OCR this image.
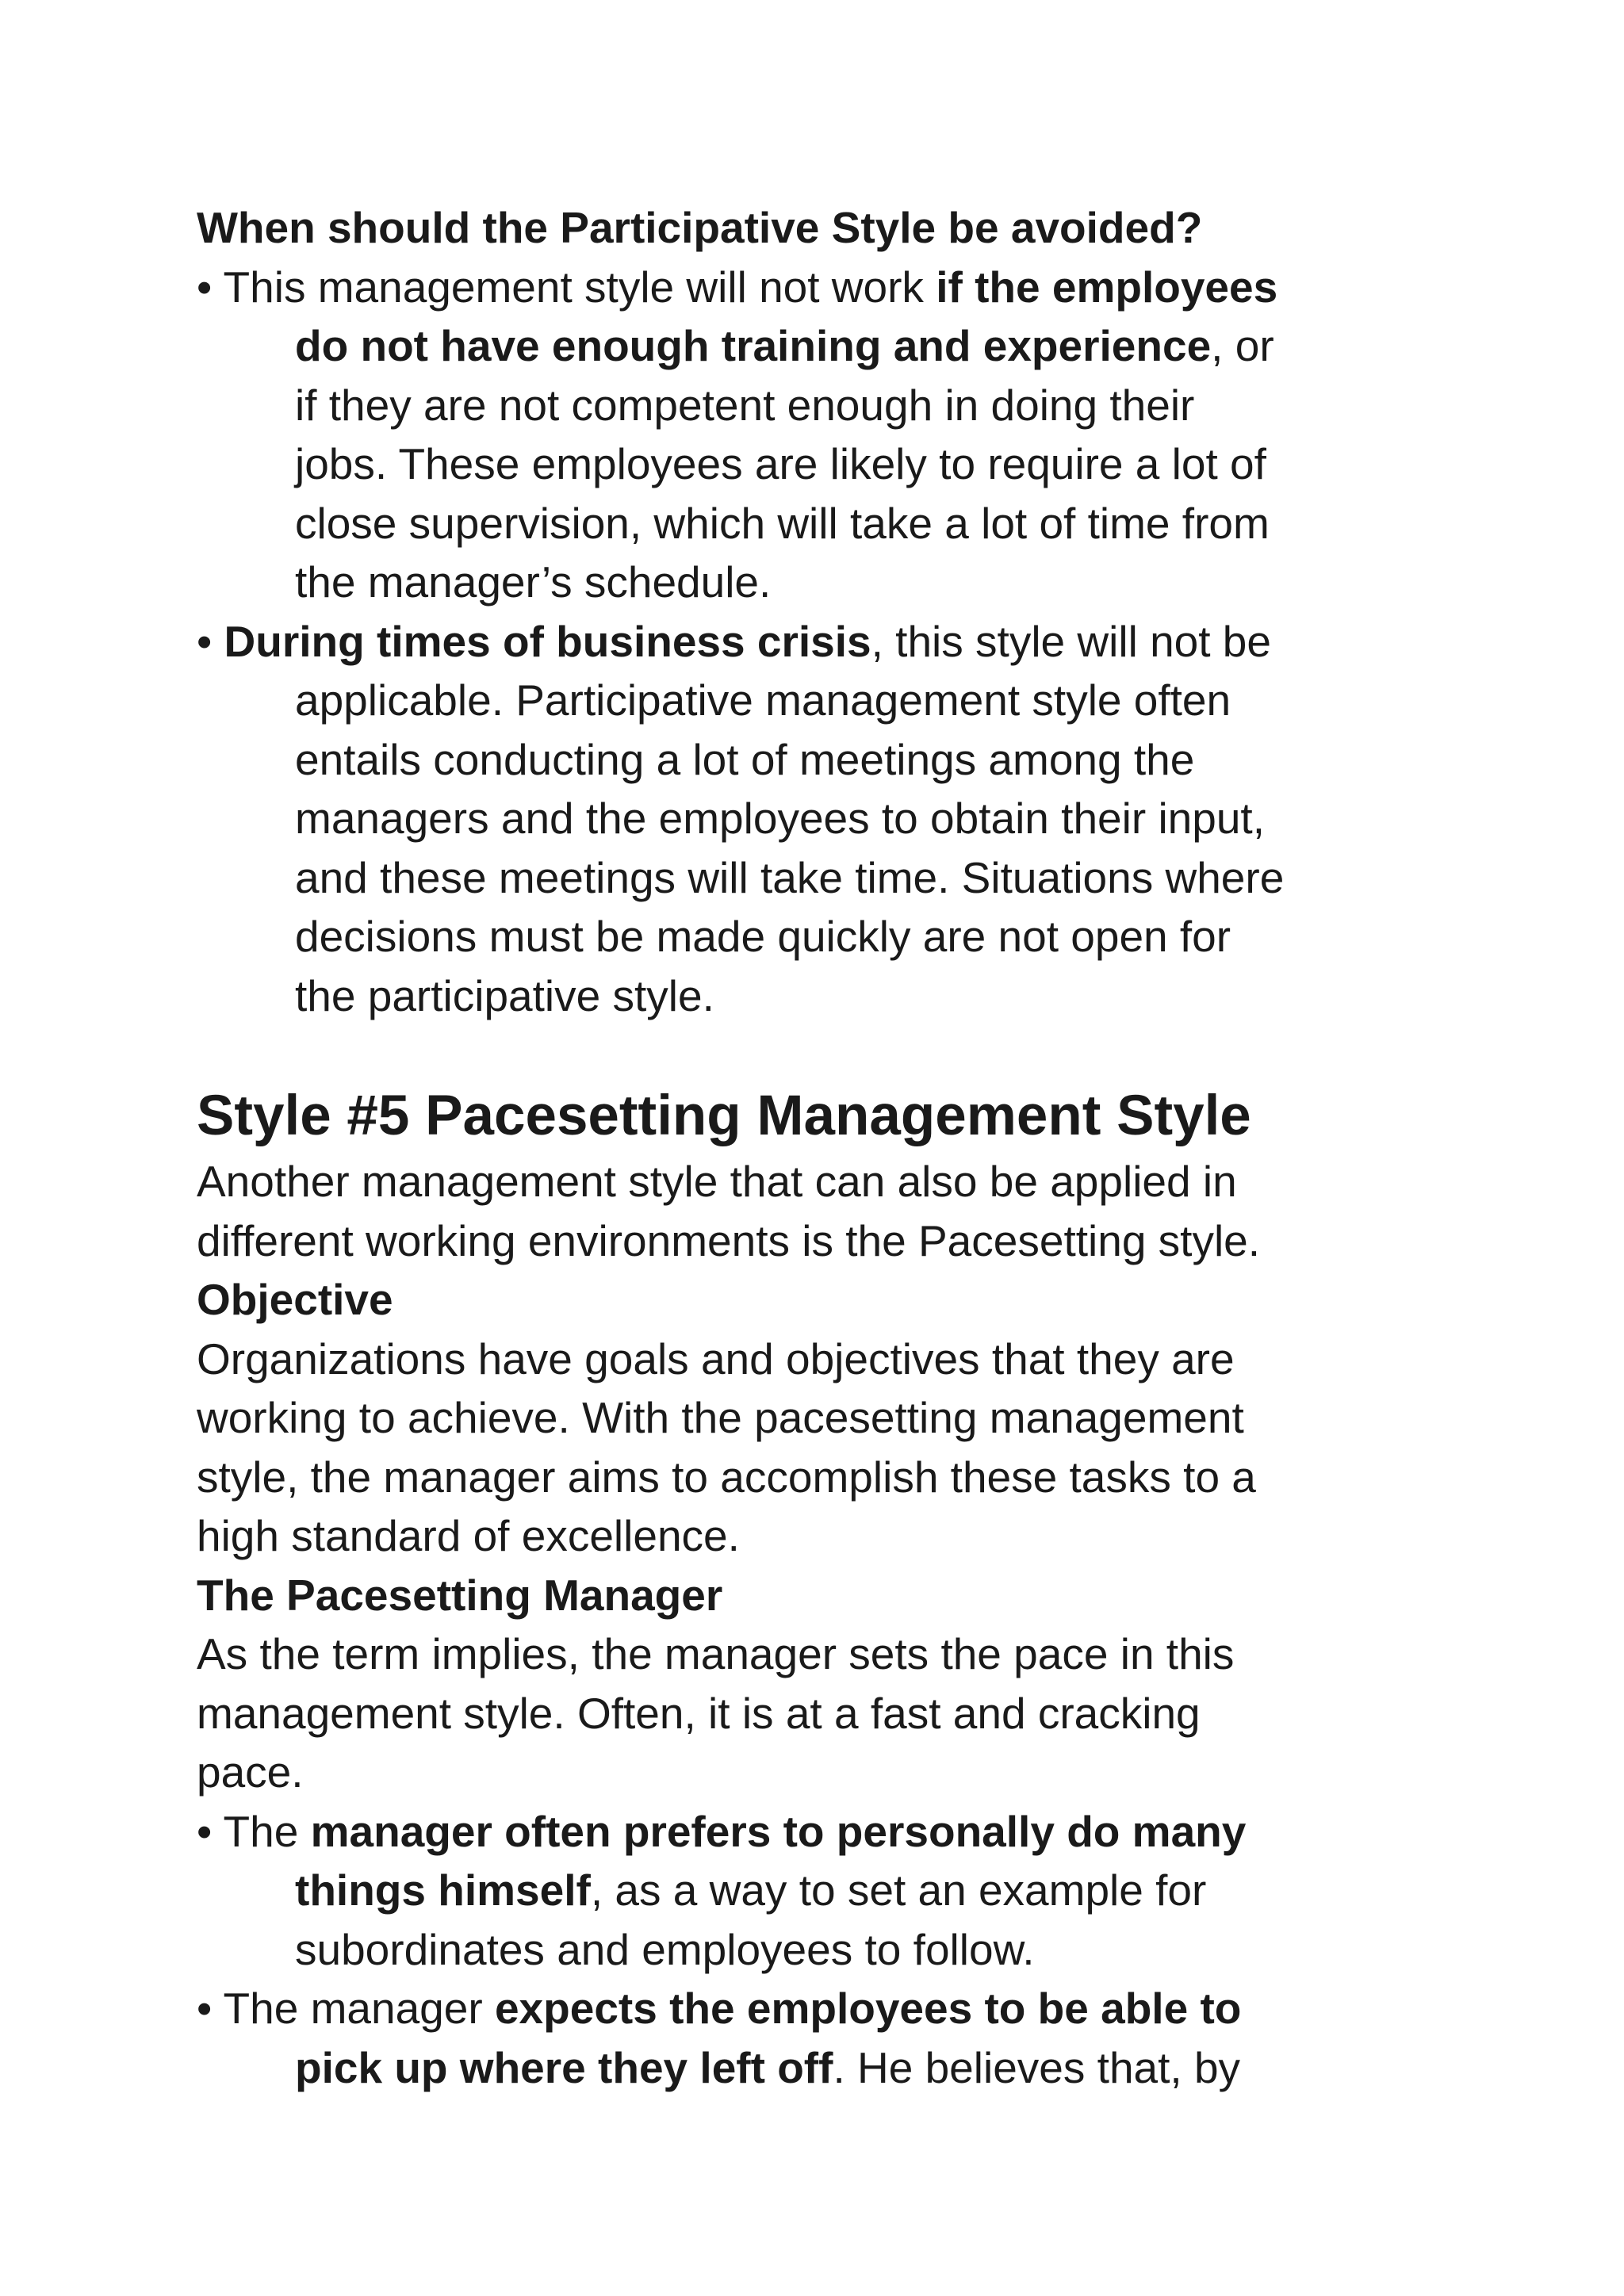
When should the Participative Style be avoided?

• This management style will not work if the employees

do not have enough training and experience, or

if they are not competent enough in doing their

jobs. These employees are likely to require a lot of

close supervision, which will take a lot of time from

the manager’s schedule.

• During times of business crisis, this style will not be

applicable. Participative management style often

entails conducting a lot of meetings among the

managers and the employees to obtain their input,

and these meetings will take time. Situations where

decisions must be made quickly are not open for

the participative style.

Style #5 Pacesetting Management Style

Another management style that can also be applied in

different working environments is the Pacesetting style.

Objective

Organizations have goals and objectives that they are

working to achieve. With the pacesetting management

style, the manager aims to accomplish these tasks to a

high standard of excellence.

The Pacesetting Manager

As the term implies, the manager sets the pace in this

management style. Often, it is at a fast and cracking

pace.

• The manager often prefers to personally do many

things himself, as a way to set an example for

subordinates and employees to follow.

• The manager expects the employees to be able to

pick up where they left off. He believes that, by
